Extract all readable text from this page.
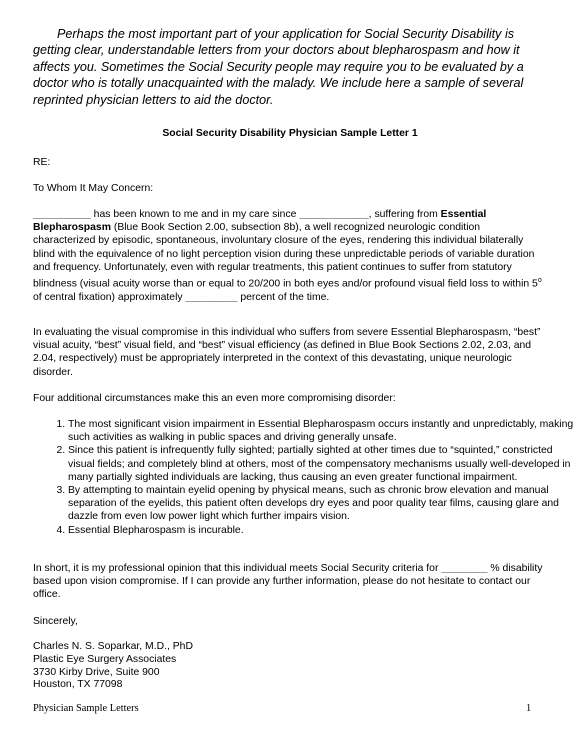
Perhaps the most important part of your application for Social Security Disability is getting clear, understandable letters from your doctors about blepharospasm and how it affects you. Sometimes the Social Security people may require you to be evaluated by a doctor who is totally unacquainted with the malady. We include here a sample of several reprinted physician letters to aid the doctor.

Social Security Disability Physician Sample Letter 1

RE:

To Whom It May Concern:

__________ has been known to me and in my care since ____________, suffering from Essential Blepharospasm (Blue Book Section 2.00, subsection 8b), a well recognized neurologic condition characterized by episodic, spontaneous, involuntary closure of the eyes, rendering this individual bilaterally blind with the equivalence of no light perception vision during these unpredictable periods of variable duration and frequency. Unfortunately, even with regular treatments, this patient continues to suffer from statutory blindness (visual acuity worse than or equal to 20/200 in both eyes and/or profound visual field loss to within 5$^o$ of central fixation) approximately _________ percent of the time.

In evaluating the visual compromise in this individual who suffers from severe Essential Blepharospasm, “best” visual acuity, “best” visual field, and “best” visual efficiency (as defined in Blue Book Sections 2.02, 2.03, and 2.04, respectively) must be appropriately interpreted in the context of this devastating, unique neurologic disorder.

Four additional circumstances make this an even more compromising disorder:

1. The most significant vision impairment in Essential Blepharospasm occurs instantly and unpredictably, making such activities as walking in public spaces and driving generally unsafe.
2. Since this patient is infrequently fully sighted; partially sighted at other times due to “squinted,” constricted visual fields; and completely blind at others, most of the compensatory mechanisms usually well-developed in many partially sighted individuals are lacking, thus causing an even greater functional impairment.
3. By attempting to maintain eyelid opening by physical means, such as chronic brow elevation and manual separation of the eyelids, this patient often develops dry eyes and poor quality tear films, causing glare and dazzle from even low power light which further impairs vision.
4. Essential Blepharospasm is incurable.

In short, it is my professional opinion that this individual meets Social Security criteria for ________ % disability based upon vision compromise. If I can provide any further information, please do not hesitate to contact our office.

Sincerely,

Charles N. S. Soparkar, M.D., PhD
Plastic Eye Surgery Associates
3730 Kirby Drive, Suite 900
Houston, TX 77098
Physician Sample Letters	1
